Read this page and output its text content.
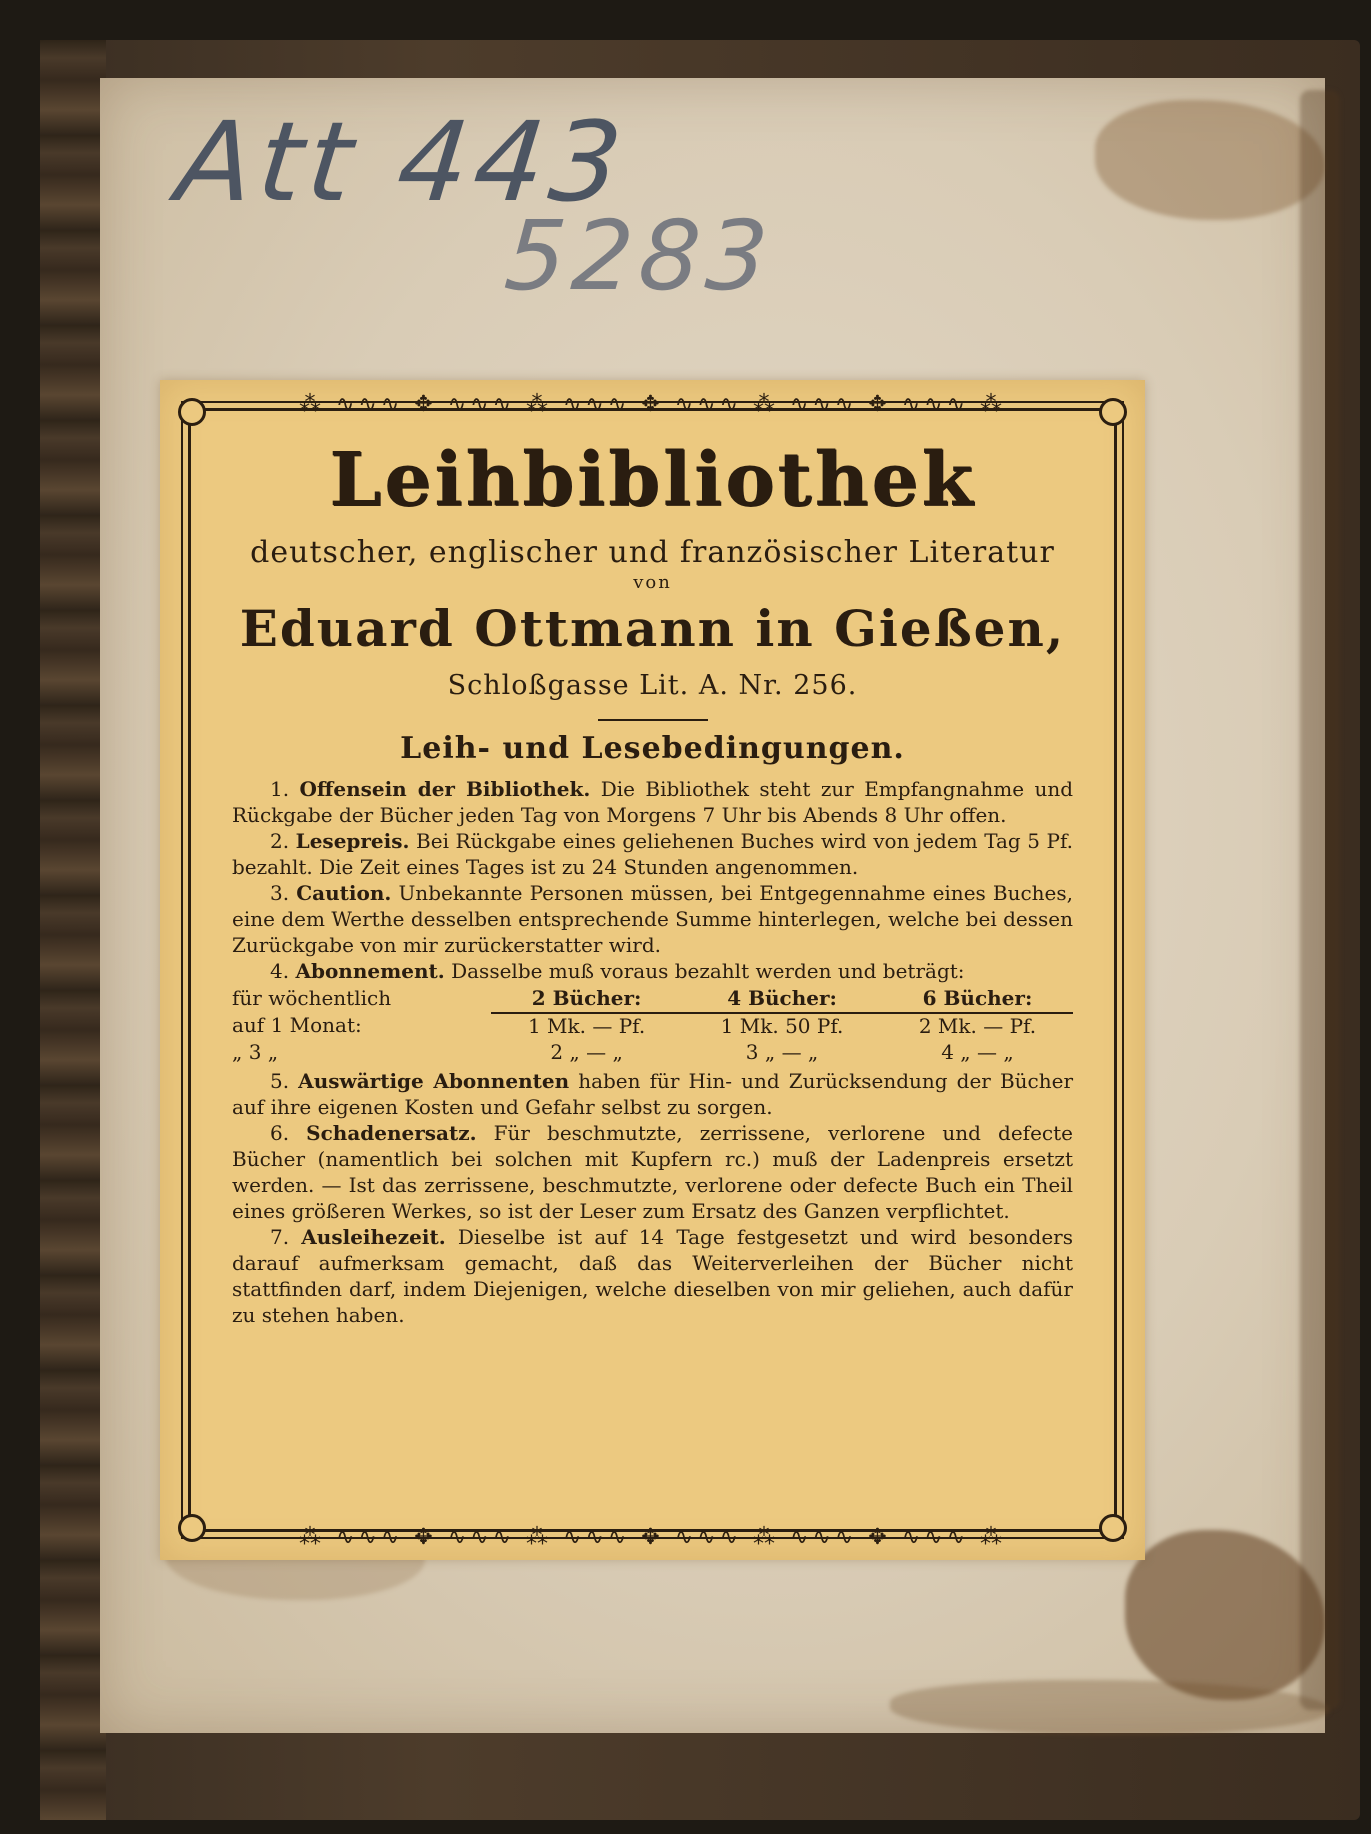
Att 443
5283
⁂ ∿∿∿ ✥ ∿∿∿ ⁂ ∿∿∿ ✥ ∿∿∿ ⁂ ∿∿∿ ✥ ∿∿∿ ⁂
⁂ ∿∿∿ ✥ ∿∿∿ ⁂ ∿∿∿ ✥ ∿∿∿ ⁂ ∿∿∿ ✥ ∿∿∿ ⁂
Leihbibliothek
deutscher, englischer und französischer Literatur
von
Eduard Ottmann in Gießen,
Schloßgasse Lit. A. Nr. 256.
Leih- und Lesebedingungen.

1. Offensein der Bibliothek. Die Bibliothek steht zur Empfangnahme und Rückgabe der Bücher jeden Tag von Morgens 7 Uhr bis Abends 8 Uhr offen.

2. Lesepreis. Bei Rückgabe eines geliehenen Buches wird von jedem Tag 5 Pf. bezahlt. Die Zeit eines Tages ist zu 24 Stunden angenommen.

3. Caution. Unbekannte Personen müssen, bei Entgegennahme eines Buches, eine dem Werthe desselben entsprechende Summe hinterlegen, welche bei dessen Zurückgabe von mir zurückerstatter wird.

4. Abonnement. Dasselbe muß voraus bezahlt werden und beträgt:

für wöchentlich	2 Bücher:	4 Bücher:	6 Bücher:
auf 1 Monat:	1 Mk. — Pf.	1 Mk. 50 Pf.	2 Mk. — Pf.
„ 3 „	2 „ — „	3 „ — „	4 „ — „

5. Auswärtige Abonnenten haben für Hin- und Zurücksendung der Bücher auf ihre eigenen Kosten und Gefahr selbst zu sorgen.

6. Schadenersatz. Für beschmutzte, zerrissene, verlorene und defecte Bücher (namentlich bei solchen mit Kupfern rc.) muß der Ladenpreis ersetzt werden. — Ist das zerrissene, beschmutzte, verlorene oder defecte Buch ein Theil eines größeren Werkes, so ist der Leser zum Ersatz des Ganzen verpflichtet.

7. Ausleihezeit. Dieselbe ist auf 14 Tage festgesetzt und wird besonders darauf aufmerksam gemacht, daß das Weiterverleihen der Bücher nicht stattfinden darf, indem Diejenigen, welche dieselben von mir geliehen, auch dafür zu stehen haben.
